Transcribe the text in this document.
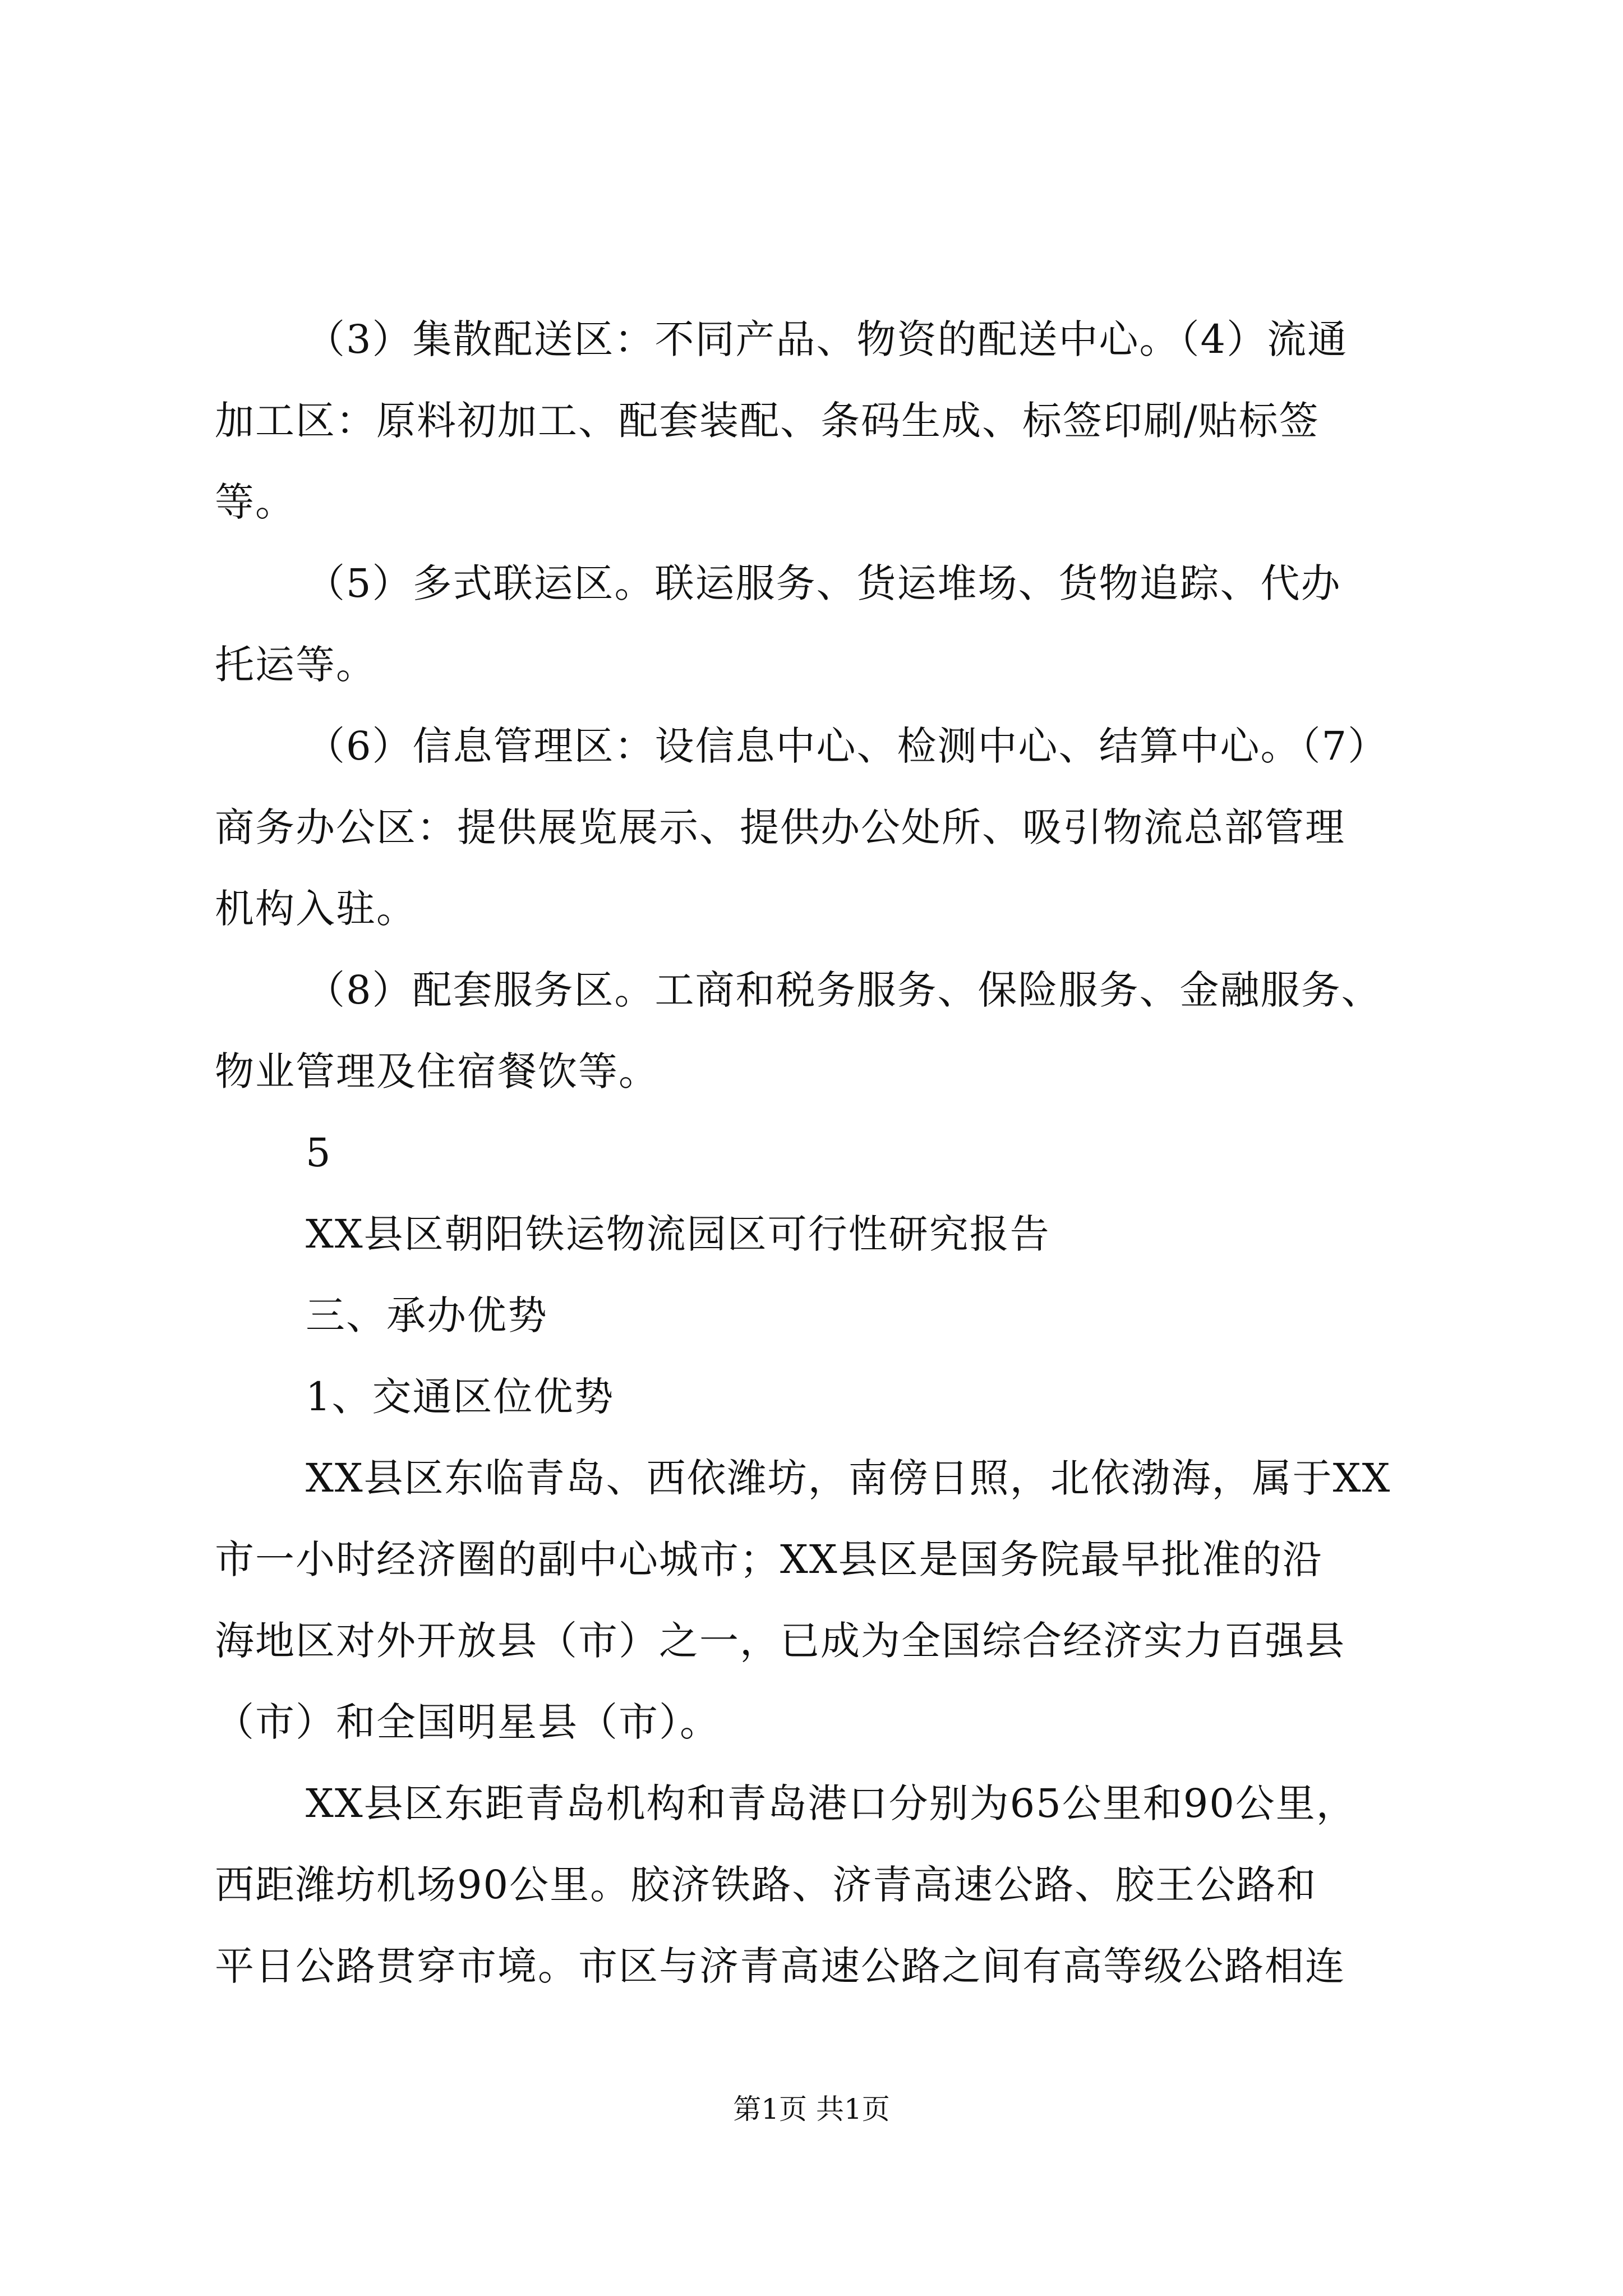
（3）集散配送区：不同产品、物资的配送中心。（4）流通
加工区：原料初加工、配套装配、条码生成、标签印刷/贴标签
等。
（5）多式联运区。联运服务、货运堆场、货物追踪、代办
托运等。
（6）信息管理区：设信息中心、检测中心、结算中心。（7）
商务办公区：提供展览展示、提供办公处所、吸引物流总部管理
机构入驻。
（8）配套服务区。工商和税务服务、保险服务、金融服务、
物业管理及住宿餐饮等。
5
XX县区朝阳铁运物流园区可行性研究报告
三、承办优势
1、交通区位优势
XX县区东临青岛、西依潍坊，南傍日照，北依渤海，属于XX
市一小时经济圈的副中心城市；XX县区是国务院最早批准的沿
海地区对外开放县（市）之一，已成为全国综合经济实力百强县
（市）和全国明星县（市）。
XX县区东距青岛机构和青岛港口分别为65公里和90公里，
西距潍坊机场90公里。胶济铁路、济青高速公路、胶王公路和
平日公路贯穿市境。市区与济青高速公路之间有高等级公路相连
第1页 共1页
